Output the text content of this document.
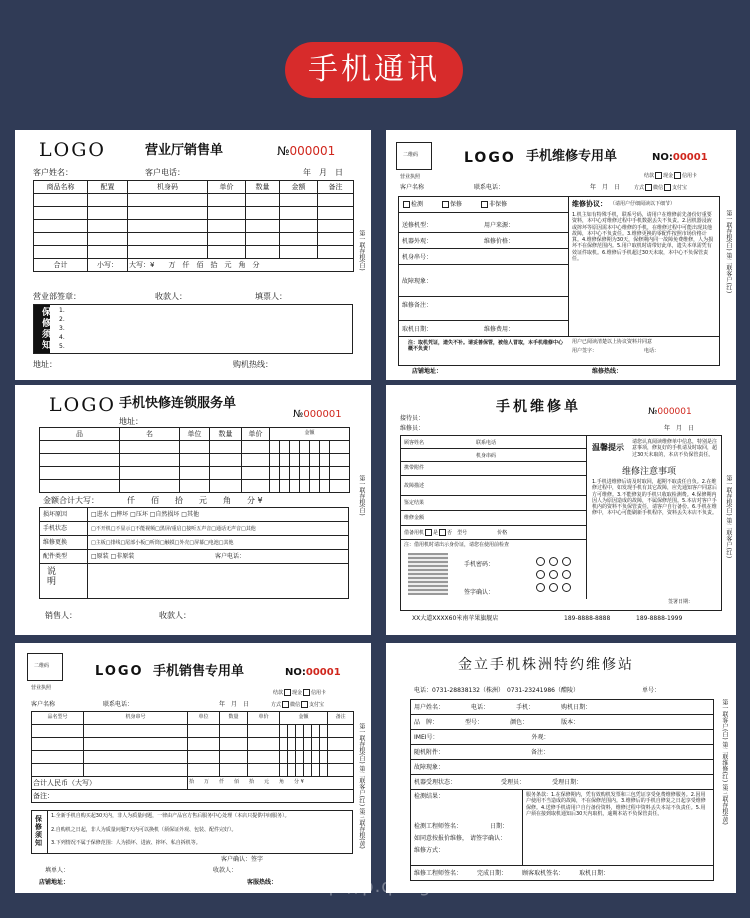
手机通讯
LOGO	营业厅销售单	№000001
客户姓名：	客户电话：	年　月　日
商品名称	配置	机身码	单价	数量	金额	备注

合计	小写：	大写：¥　　万　仟　佰　拾　元　角　分				
营业部签章：	收款人：	填票人：
保修须知 1.
2.
3.
4.
5.
地址：	购机热线：
第一联存根(白)
二维码
营业执照
LOGO 手机维修专用单	NO:00001
结款 现金 信用卡
客户名称	联系电话：	年　月　日	方式 微信 支付宝
检测　　　	保修　　　	非保修
送修机型：	用户来源：
机器外观：	维修价格：
机身串号：
故障现象：
维修备注：
取机日期：	维修费用：
维修协议： （请用户仔细阅读以下细节）
1.机主如有特殊手机，联系号码，请用户在维修前先备份好重要资料，本中心对维修过程中手机数据丢失不负责。2.因机器浸液或摔坏等原因需本中心维修的手机，在维修过程中可能出现其他故障，本中心不负责任。3.维修更换的零配件按照市场价格计算。4.维修保修期为30天，保修期内同一故障免费维修，人为损坏不在保修范围内。5.用户取机时请带好此单，遗失本单需凭有效证件取机。6.维修后手机超过30天未取，本中心不负保管责任。
注：取机凭证，遗失不补。请妥善保管，被他人冒取，本手机维修中心概不负责！
用户已阅读清楚以上协议资料并同意
用户签字：	电话：
店铺地址：	维修热线：
第一联存根(白) 第二联客户(红)
LOGO 手机快修连锁服务单
№000001
地址：
品	名	单位	数量	单价	金额						

金额合计大写：	仟　　佰　　拾　　元　　角　　分 ¥
损坏原因	□进水 □摔坏 □压坏 □自然损坏 □其他
手机状态	□不开机□不显示□不能视频□黑屏/重启□接听五声音□通话无声音□其他
维修更换	□主板□排线□尾部小板□听筒□触摸□外壳□屏幕□电池□其他
配件类型	□原装 □非原装	客户电话：
说明
销售人：	收款人：
第一联存根(白)
手机维修单	№000001
接待员：
维修员：	年　月　日
顾客姓名	联系电话
机身串码
携带附件
故障描述
鉴定结果
维修金额
借备用机 是 否　 型号　　　　　　	价格
注：借用机时请出示身份证，请您在使用前检查
手机密码：

签字确认：
温馨提示
请您认真阅读维修单中信息，特别是注意事项，修复好的手机请及时取回，超过30天未取的，本店不负保管责任。
维修注意事项
1.手机进维修后请及时取回，超期不取责任自负。2.在维修过程中，如发现手机有其它故障，应先通知客户同意后方可维修。3.不能修复的手机只收取检测费。4.保修期内因人为原因造成的故障，不属保修范围。5.本店对客户手机内的资料不负保管责任，请客户自行备份。6.手机在维修中，本中心可能刷新手机程序，资料丢失本店不负责。
签署日期：
XX大道XXXX60米南苹果旗舰店	189-8888-8888	189-8888-1999
第一联存根(白) 第二联客户(红)
二维码
营业执照
LOGO 手机销售专用单	NO:00001
结款 现金 信用卡
客户名称	联系电话：	年　月　日	方式 微信 支付宝
品名型号	机身串号	单位	数量	单价	金额						备注

合计人民币（大写）		拾　　万　　仟　　佰　　拾　　元　　角　　分 ¥									
备注：											
保修须知
1.全新手机自购买起30天内，非人为质量问题，一律由产品官方售后服务中心处理（本店只提供中间服务）。
2.自购机之日起，非人为质量问题7天内可以换机（须保证外观、包装、配件完好）。
3.下列情况不属于保修范围：人为损坏、进液、摔坏、私自拆机等。
客户确认：签字
填单人：	收款人：
店铺地址：	客服热线：
第一联存根(白) 第二联客户(红) 第三联存根(黄)
金立手机株洲特约维修站
电话：0731-28838132（株洲）　0731-23241986（醴陵）	单号：
用户姓名：　　　　　	电话：　　　　　	手机：　　　　　	购机日期：
品　牌：　　　　　	型号：　　　　　	颜色：　　　　　　	版本：
IMEI号：　　　　　　　　　　　　　　　　	外观：
随机附件：　　　　　　　　　　　　　　　	备注：
故障现象：
机器受理状态：　　　　　　　　	受理员：　　　　　	受理日期：
检测结果：
检测工程师签名：	日期：
如同意按报价维修， 请签字确认：
维修方式：
服务条款：1.在保修期内，凭有效购机发票和三包凭证享受免费维修服务。2.因用户使用不当造成的故障，不在保修范围内。3.维修后的手机自修复之日起享受维修保修。4.送修手机请用户自行备份资料，维修过程中资料丢失本站不负责任。5.用户须在接到取机通知后30天内取机，逾期本站不负保管责任。
维修工程师签名：　　　	完成日期：　　　	顾客取机签名：　　　	取机日期：
第一联客户(白) 第二联维修(红) 第三联存根(黄)
http://p.q.o.g.com
